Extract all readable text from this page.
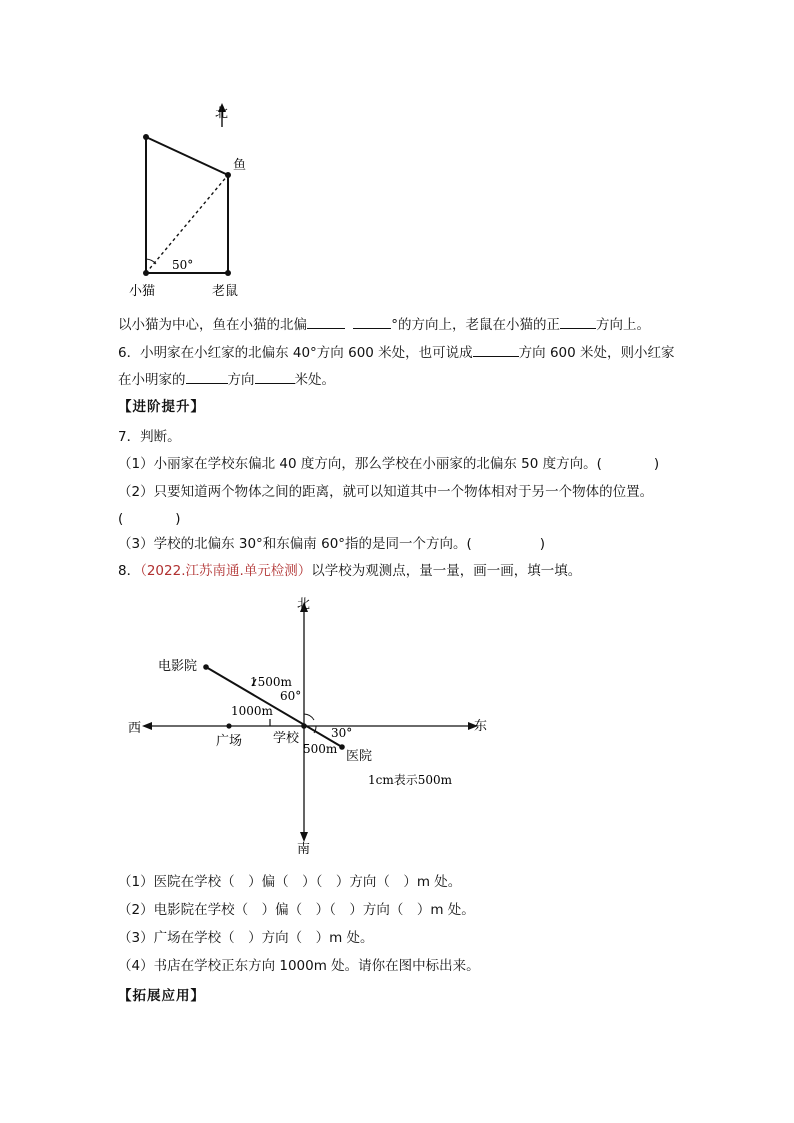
北
鱼
50°
小猫	老鼠
以小猫为中心，鱼在小猫的北偏	°的方向上，老鼠在小猫的正	方向上。
6．小明家在小红家的北偏东 40°方向 600 米处，也可说成	方向 600 米处，则小红家
在小明家的	方向	米处。
【进阶提升】
7．判断。
（1）小丽家在学校东偏北 40 度方向，那么学校在小丽家的北偏东 50 度方向。(	)
（2）只要知道两个物体之间的距离，就可以知道其中一个物体相对于另一个物体的位置。
(	)
（3）学校的北偏东 30°和东偏南 60°指的是同一个方向。(	)
8．（2022.江苏南通.单元检测）以学校为观测点，量一量，画一画，填一填。
北
南
东
西
电影院
1500m
60°
1000m
广场 学校	30°
500m 医院
1cm表示500m
（1）医院在学校（　）偏（　）（　）方向（　）m 处。
（2）电影院在学校（　）偏（　）（　）方向（　）m 处。
（3）广场在学校（　）方向（　）m 处。
（4）书店在学校正东方向 1000m 处。请你在图中标出来。
【拓展应用】
